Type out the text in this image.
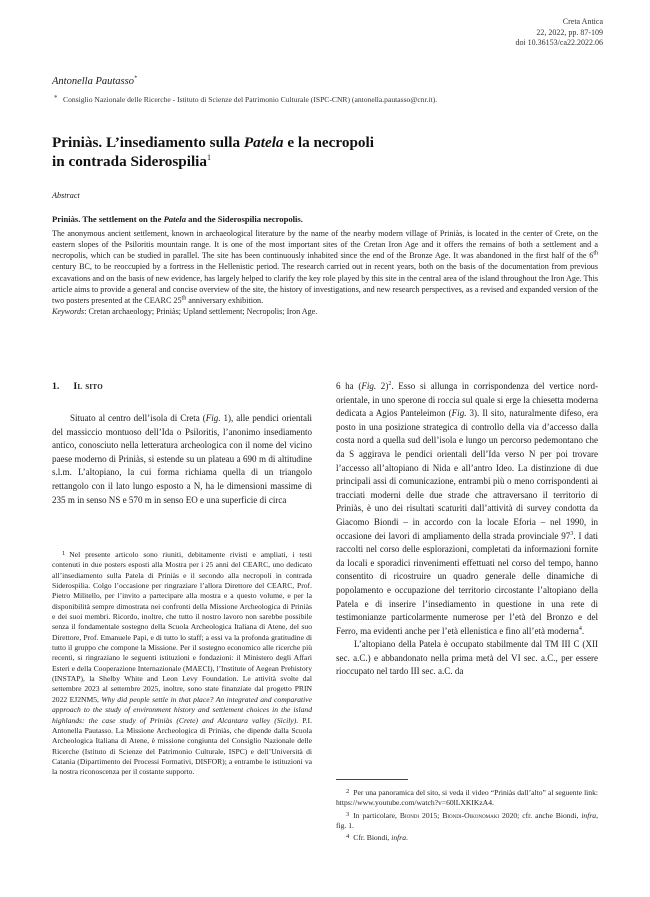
Creta Antica
22, 2022, pp. 87-109
doi 10.36153/ca22.2022.06
Antonella Pautasso*
* Consiglio Nazionale delle Ricerche - Istituto di Scienze del Patrimonio Culturale (ISPC-CNR) (antonella.pautasso@cnr.it).
Priniàs. L’insediamento sulla Patela e la necropoli
in contrada Siderospilia$^1$
Abstract
Priniàs. The settlement on the Patela and the Siderospilia necropolis.

The anonymous ancient settlement, known in archaeological literature by the name of the nearby modern village of Priniàs, is located in the center of Crete, on the eastern slopes of the Psiloritis mountain range. It is one of the most important sites of the Cretan Iron Age and it offers the remains of both a settlement and a necropolis, which can be studied in parallel. The site has been continuously inhabited since the end of the Bronze Age. It was abandoned in the first half of the 6th century BC, to be reoccupied by a fortress in the Hellenistic period. The research carried out in recent years, both on the basis of the documentation from previous excavations and on the basis of new evidence, has largely helped to clarify the key role played by this site in the central area of the island throughout the Iron Age. This article aims to provide a general and concise overview of the site, the history of investigations, and new research perspectives, as a revised and expanded version of the two posters presented at the CEARC 25th anniversary exhibition.

Keywords: Cretan archaeology; Priniàs; Upland settlement; Necropolis; Iron Age.

1. Il sito

Situato al centro dell’isola di Creta (Fig. 1), alle pendici orientali del massiccio montuoso dell’Ida o Psiloritis, l’anonimo insediamento antico, conosciuto nella letteratura archeologica con il nome del vicino paese moderno di Priniàs, si estende su un plateau a 690 m di altitudine s.l.m. L’altopiano, la cui forma richiama quella di un triangolo rettangolo con il lato lungo esposto a N, ha le dimensioni massime di 235 m in senso NS e 570 m in senso EO e una superficie di circa

6 ha (Fig. 2)$^2$. Esso si allunga in corrispondenza del vertice nord-orientale, in uno sperone di roccia sul quale si erge la chiesetta moderna dedicata a Agios Panteleimon (Fig. 3). Il sito, naturalmente difeso, era posto in una posizione strategica di controllo della via d’accesso dalla costa nord a quella sud dell’isola e lungo un percorso pedemontano che da S aggirava le pendici orientali dell’Ida verso N per poi trovare l’accesso all’altopiano di Nida e all’antro Ideo. La distinzione di due principali assi di comunicazione, entrambi più o meno corrispondenti ai tracciati moderni delle due strade che attraversano il territorio di Priniàs, è uno dei risultati scaturiti dall’attività di survey condotta da Giacomo Biondi – in accordo con la locale Eforia – nel 1990, in occasione dei lavori di ampliamento della strada provinciale $97^3$. I dati raccolti nel corso delle esplorazioni, completati da informazioni fornite da locali e sporadici rinvenimenti effettuati nel corso del tempo, hanno consentito di ricostruire un quadro generale delle dinamiche di popolamento e occupazione del territorio circostante l’altopiano della Patela e di inserire l’insediamento in questione in una rete di testimonianze particolarmente numerose per l’età del Bronzo e del Ferro, ma evidenti anche per l’età ellenistica e fino all’età moderna$^4$.

L’altopiano della Patela è occupato stabilmente dal TM III C (XII sec. a.C.) e abbandonato nella prima metà del VI sec. a.C., per essere rioccupato nel tardo III sec. a.C. da

1 Nel presente articolo sono riuniti, debitamente rivisti e ampliati, i testi contenuti in due posters esposti alla Mostra per i 25 anni del CEARC, uno dedicato all’insediamento sulla Patela di Priniàs e il secondo alla necropoli in contrada Siderospilia. Colgo l’occasione per ringraziare l’allora Direttore del CEARC, Prof. Pietro Militello, per l’invito a partecipare alla mostra e a questo volume, e per la disponibilità sempre dimostrata nei confronti della Missione Archeologica di Priniàs e dei suoi membri. Ricordo, inoltre, che tutto il nostro lavoro non sarebbe possibile senza il fondamentale sostegno della Scuola Archeologica Italiana di Atene, del suo Direttore, Prof. Emanuele Papi, e di tutto lo staff; a essi va la profonda gratitudine di tutto il gruppo che compone la Missione. Per il sostegno economico alle ricerche più recenti, si ringraziano le seguenti istituzioni e fondazioni: il Ministero degli Affari Esteri e della Cooperazione Internazionale (MAECI), l’Institute of Aegean Prehistory (INSTAP), la Shelby White and Leon Levy Foundation. Le attività svolte dal settembre 2023 al settembre 2025, inoltre, sono state finanziate dal progetto PRIN 2022 EJ2NM5, Why did people settle in that place? An integrated and comparative approach to the study of environment history and settlement choices in the island highlands: the case study of Priniàs (Crete) and Alcantara valley (Sicily). P.I. Antonella Pautasso. La Missione Archeologica di Priniàs, che dipende dalla Scuola Archeologica Italiana di Atene, è missione congiunta del Consiglio Nazionale delle Ricerche (Istituto di Scienze del Patrimonio Culturale, ISPC) e dell’Università di Catania (Dipartimento dei Processi Formativi, DISFOR); a entrambe le istituzioni va la nostra riconoscenza per il costante supporto.

2 Per una panoramica del sito, si veda il video “Priniàs dall’alto” al seguente link: https://www.youtube.com/watch?v=60lLXKIKzA4.

3 In particolare, Biondi 2015; Biondi-Oikonomaki 2020; cfr. anche Biondi, infra, fig. 1.

4 Cfr. Biondi, infra.
